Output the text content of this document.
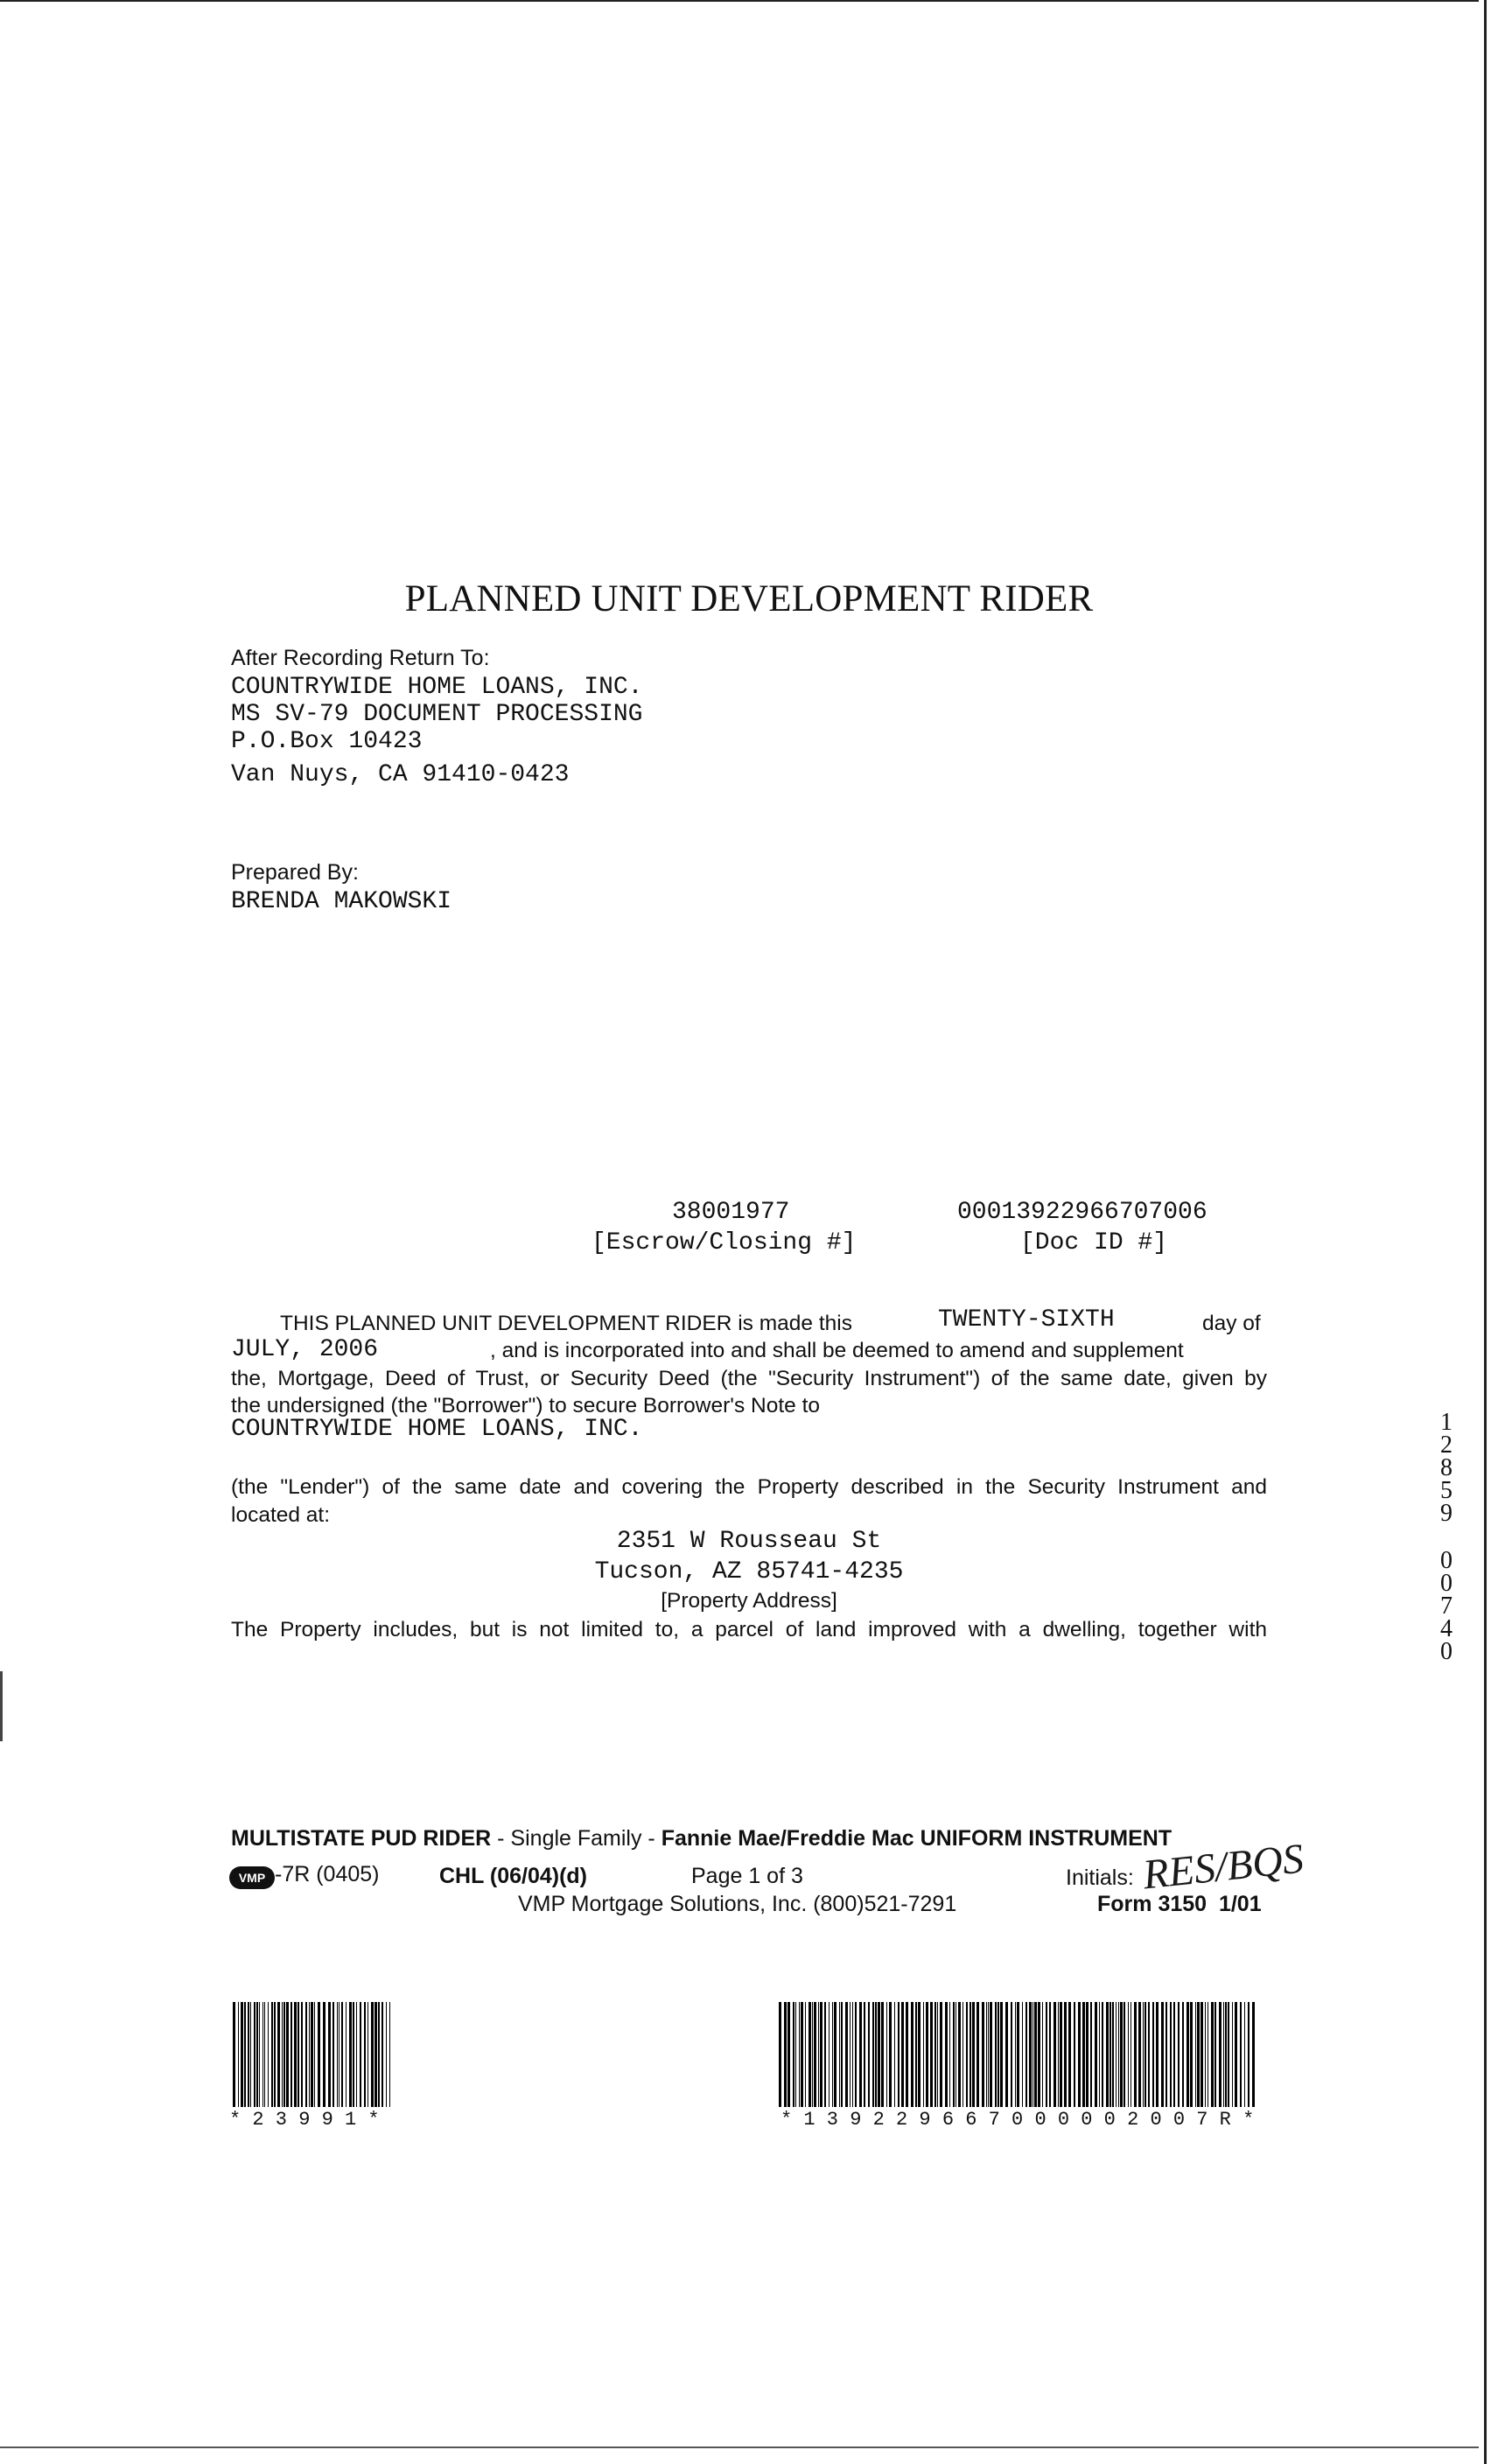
PLANNED UNIT DEVELOPMENT RIDER
After Recording Return To:
COUNTRYWIDE HOME LOANS, INC.
MS SV-79 DOCUMENT PROCESSING
P.O.Box 10423
Van Nuys, CA 91410-0423
Prepared By:
BRENDA MAKOWSKI
38001977
[Escrow/Closing #]
00013922966707006
[Doc ID #]
THIS PLANNED UNIT DEVELOPMENT RIDER is made this	TWENTY-SIXTH	day of
JULY, 2006	, and is incorporated into and shall be deemed to amend and supplement
the, Mortgage, Deed of Trust, or Security Deed (the "Security Instrument") of the same date, given by
the undersigned (the "Borrower") to secure Borrower's Note to
COUNTRYWIDE HOME LOANS, INC.
(the "Lender") of the same date and covering the Property described in the Security Instrument and
located at:
2351 W Rousseau St
Tucson, AZ 85741-4235
[Property Address]
The Property includes, but is not limited to, a parcel of land improved with a dwelling, together with
1
2
8
5
9
0
0
7
4
0
MULTISTATE PUD RIDER - Single Family - Fannie Mae/Freddie Mac UNIFORM INSTRUMENT
VMP -7R (0405)	CHL (06/04)(d)	Page 1 of 3	Initials: RES/BQS
VMP Mortgage Solutions, Inc. (800)521-7291	Form 3150  1/01
* 2 3 9 9 1 *	* 1 3 9 2 2 9 6 6 7 0 0 0 0 0 2 0 0 7 R *
